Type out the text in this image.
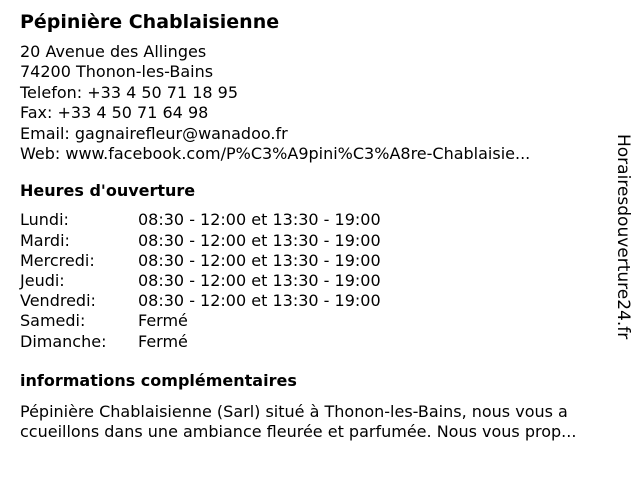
Pépinière Chablaisienne
20 Avenue des Allinges
74200 Thonon-les-Bains
Telefon: +33 4 50 71 18 95
Fax: +33 4 50 71 64 98
Email: gagnairefleur@wanadoo.fr
Web: www.facebook.com/P%C3%A9pini%C3%A8re-Chablaisie...
Heures d'ouverture
Lundi:	08:30 - 12:00 et 13:30 - 19:00
Mardi:	08:30 - 12:00 et 13:30 - 19:00
Mercredi:	08:30 - 12:00 et 13:30 - 19:00
Jeudi:	08:30 - 12:00 et 13:30 - 19:00
Vendredi:	08:30 - 12:00 et 13:30 - 19:00
Samedi:	Fermé
Dimanche:	Fermé
informations complémentaires
Pépinière Chablaisienne (Sarl) situé à Thonon-les-Bains, nous vous a
ccueillons dans une ambiance fleurée et parfumée. Nous vous prop...
Horairesdouverture24.fr
